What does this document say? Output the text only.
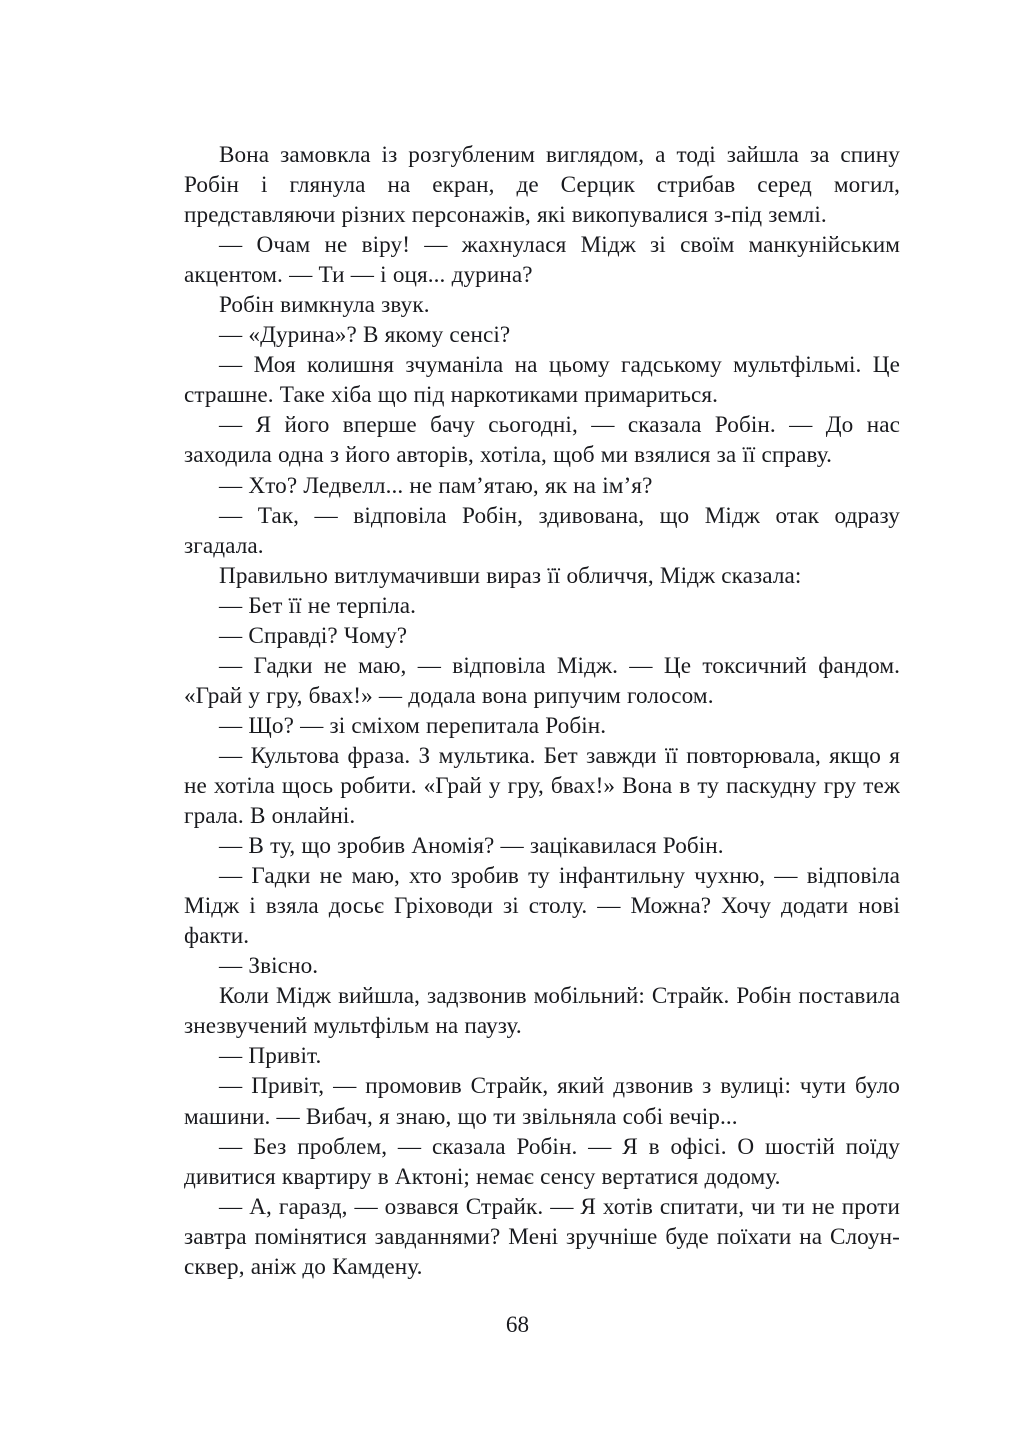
Вона замовкла із розгубленим виглядом, а тоді зайшла за спину Робін і глянула на екран, де Серцик стрибав серед могил, представляючи різних персонажів, які викопувалися з-під землі.

— Очам не віру! — жахнулася Мідж зі своїм манкунійським акцентом. — Ти — і оця... дурина?

Робін вимкнула звук.

— «Дурина»? В якому сенсі?

— Моя колишня зчуманіла на цьому гадському мультфільмі. Це страшне. Таке хіба що під наркотиками примариться.

— Я його вперше бачу сьогодні, — сказала Робін. — До нас заходила одна з його авторів, хотіла, щоб ми взялися за її справу.

— Хто? Ледвелл... не памʼятаю, як на імʼя?

— Так, — відповіла Робін, здивована, що Мідж отак одразу згадала.

Правильно витлумачивши вираз її обличчя, Мідж сказала:

— Бет її не терпіла.

— Справді? Чому?

— Гадки не маю, — відповіла Мідж. — Це токсичний фандом. «Грай у гру, бвах!» — додала вона рипучим голосом.

— Що? — зі сміхом перепитала Робін.

— Культова фраза. З мультика. Бет завжди її повторювала, якщо я не хотіла щось робити. «Грай у гру, бвах!» Вона в ту паскудну гру теж грала. В онлайні.

— В ту, що зробив Аномія? — зацікавилася Робін.

— Гадки не маю, хто зробив ту інфантильну чухню, — відповіла Мідж і взяла досьє Гріховоди зі столу. — Можна? Хочу додати нові факти.

— Звісно.

Коли Мідж вийшла, задзвонив мобільний: Страйк. Робін поставила знезвучений мультфільм на паузу.

— Привіт.

— Привіт, — промовив Страйк, який дзвонив з вулиці: чути було машини. — Вибач, я знаю, що ти звільняла собі вечір...

— Без проблем, — сказала Робін. — Я в офісі. О шостій поїду дивитися квартиру в Актоні; немає сенсу вертатися додому.

— А, гаразд, — озвався Страйк. — Я хотів спитати, чи ти не проти завтра помінятися завданнями? Мені зручніше буде поїхати на Слоун-сквер, аніж до Камдену.

68
